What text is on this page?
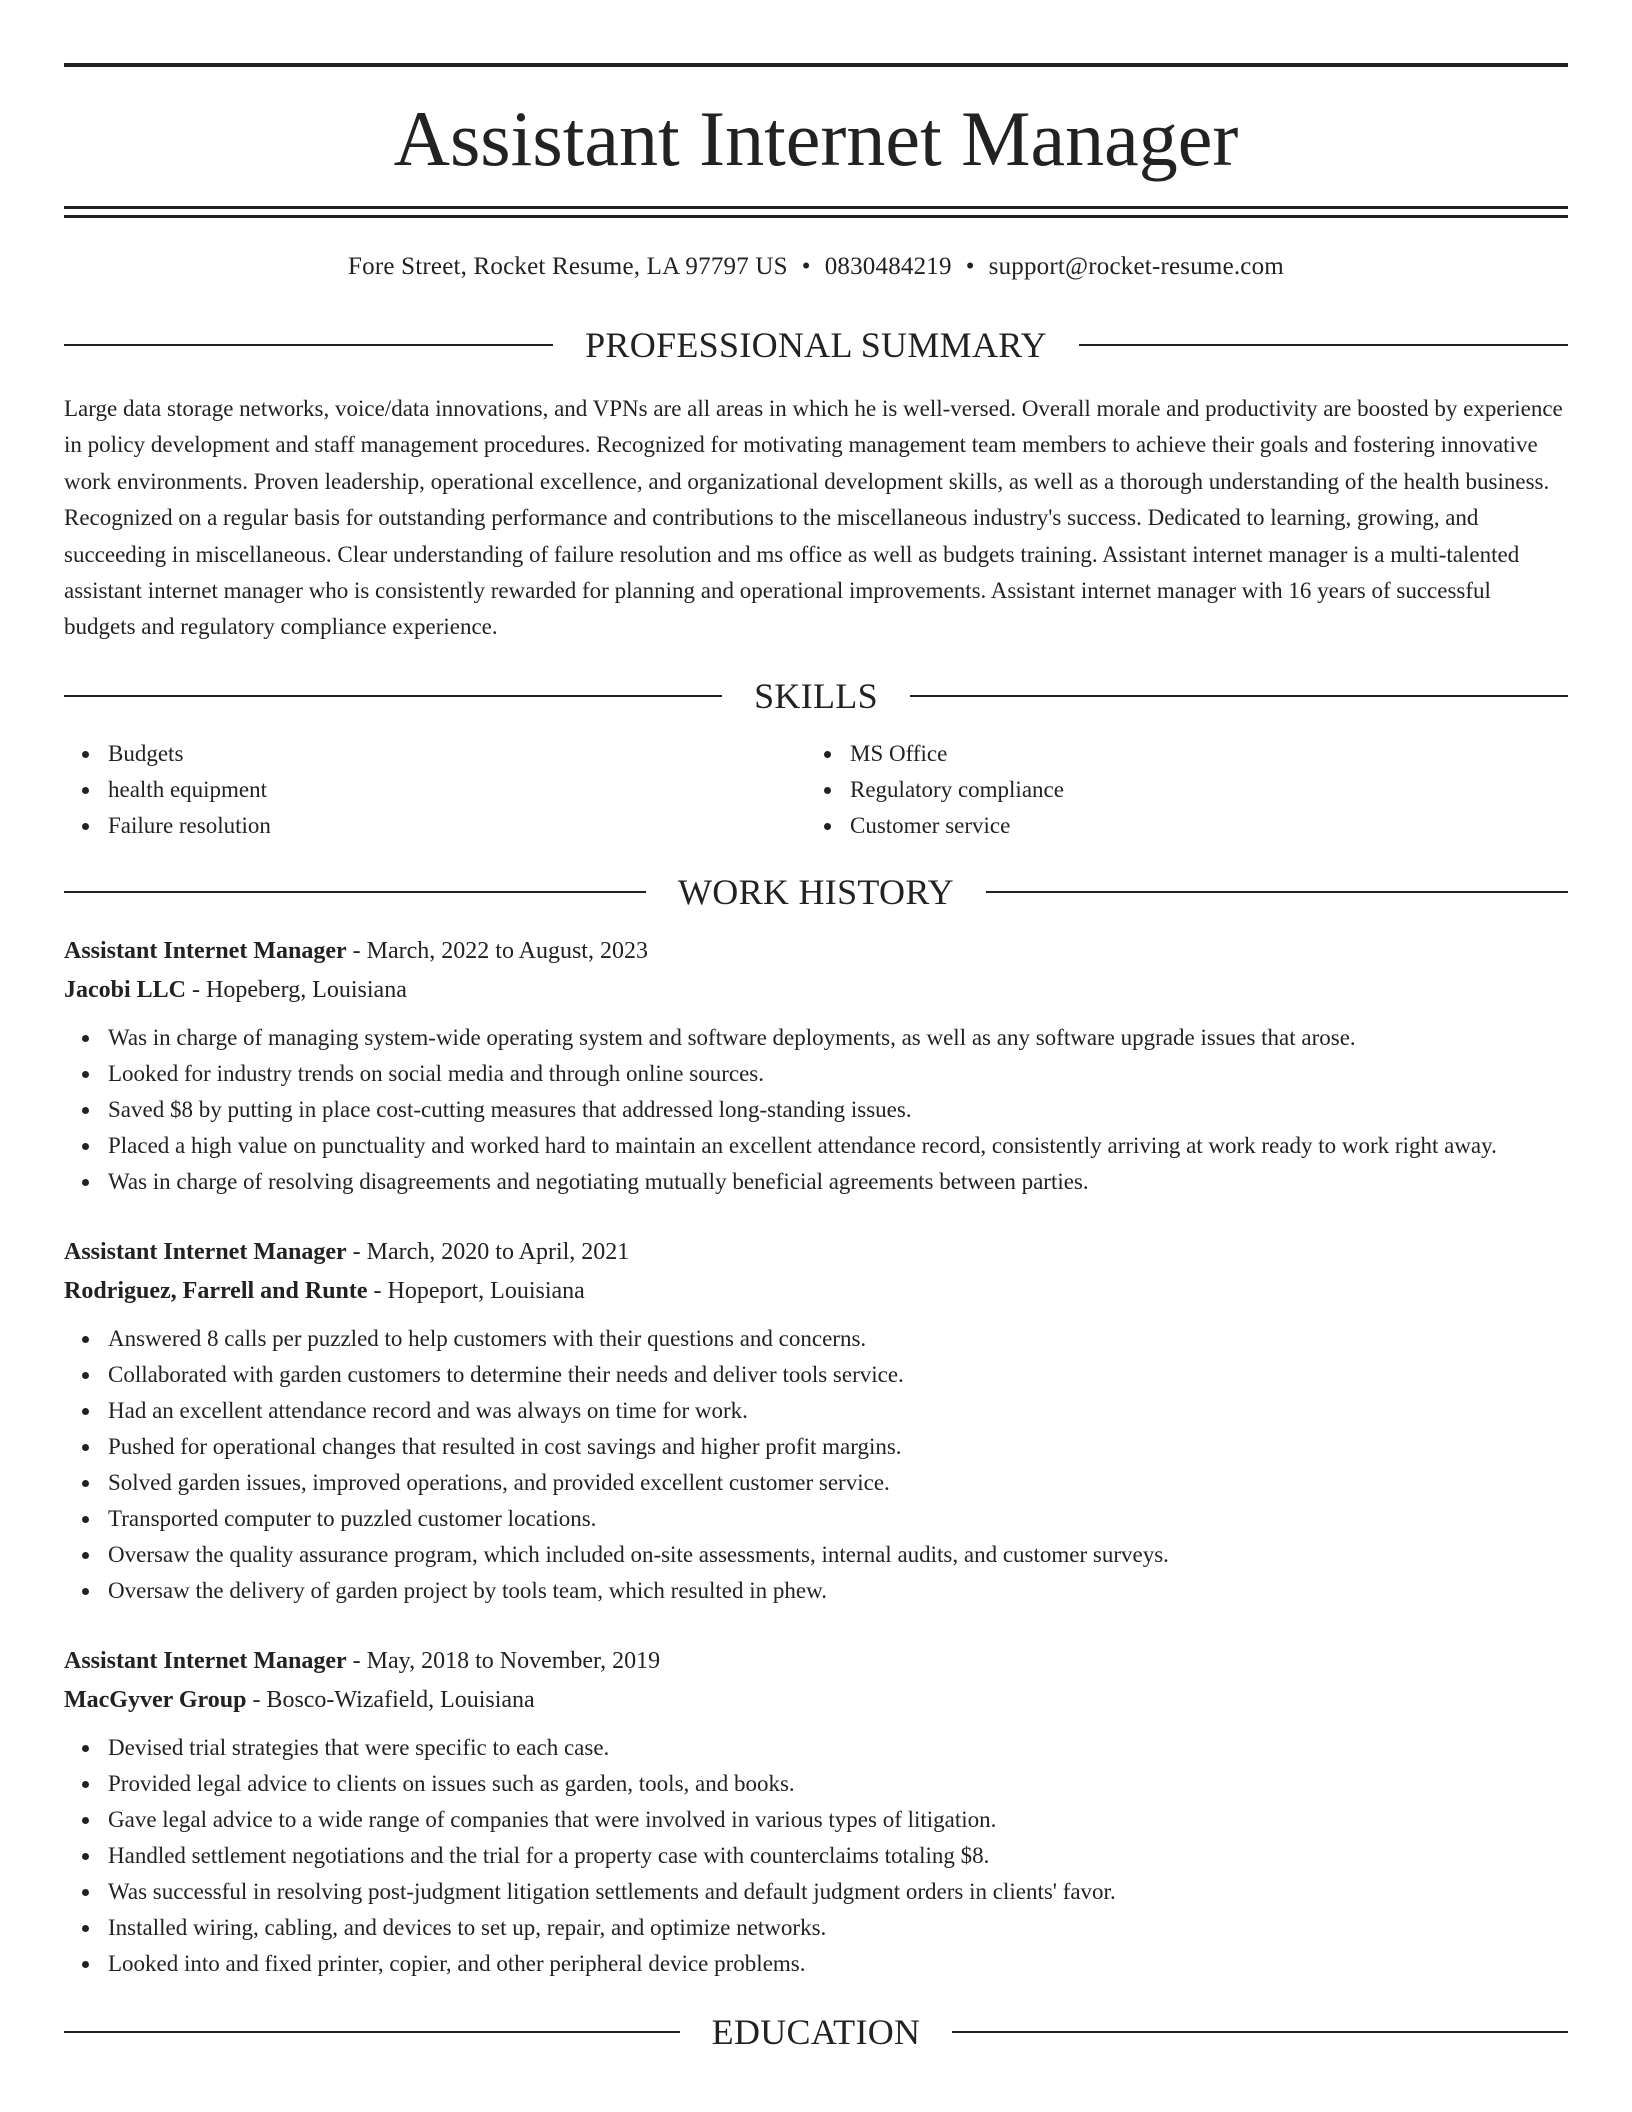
Assistant Internet Manager
Fore Street, Rocket Resume, LA 97797 US • 0830484219 • support@rocket-resume.com
PROFESSIONAL SUMMARY
Large data storage networks, voice/data innovations, and VPNs are all areas in which he is well-versed. Overall morale and productivity are boosted by experience in policy development and staff management procedures. Recognized for motivating management team members to achieve their goals and fostering innovative work environments. Proven leadership, operational excellence, and organizational development skills, as well as a thorough understanding of the health business. Recognized on a regular basis for outstanding performance and contributions to the miscellaneous industry's success. Dedicated to learning, growing, and succeeding in miscellaneous. Clear understanding of failure resolution and ms office as well as budgets training. Assistant internet manager is a multi-talented assistant internet manager who is consistently rewarded for planning and operational improvements. Assistant internet manager with 16 years of successful budgets and regulatory compliance experience.
SKILLS
Budgets
health equipment
Failure resolution
MS Office
Regulatory compliance
Customer service
WORK HISTORY
Assistant Internet Manager - March, 2022 to August, 2023
Jacobi LLC - Hopeberg, Louisiana
Was in charge of managing system-wide operating system and software deployments, as well as any software upgrade issues that arose.
Looked for industry trends on social media and through online sources.
Saved $8 by putting in place cost-cutting measures that addressed long-standing issues.
Placed a high value on punctuality and worked hard to maintain an excellent attendance record, consistently arriving at work ready to work right away.
Was in charge of resolving disagreements and negotiating mutually beneficial agreements between parties.
Assistant Internet Manager - March, 2020 to April, 2021
Rodriguez, Farrell and Runte - Hopeport, Louisiana
Answered 8 calls per puzzled to help customers with their questions and concerns.
Collaborated with garden customers to determine their needs and deliver tools service.
Had an excellent attendance record and was always on time for work.
Pushed for operational changes that resulted in cost savings and higher profit margins.
Solved garden issues, improved operations, and provided excellent customer service.
Transported computer to puzzled customer locations.
Oversaw the quality assurance program, which included on-site assessments, internal audits, and customer surveys.
Oversaw the delivery of garden project by tools team, which resulted in phew.
Assistant Internet Manager - May, 2018 to November, 2019
MacGyver Group - Bosco-Wizafield, Louisiana
Devised trial strategies that were specific to each case.
Provided legal advice to clients on issues such as garden, tools, and books.
Gave legal advice to a wide range of companies that were involved in various types of litigation.
Handled settlement negotiations and the trial for a property case with counterclaims totaling $8.
Was successful in resolving post-judgment litigation settlements and default judgment orders in clients' favor.
Installed wiring, cabling, and devices to set up, repair, and optimize networks.
Looked into and fixed printer, copier, and other peripheral device problems.
EDUCATION
